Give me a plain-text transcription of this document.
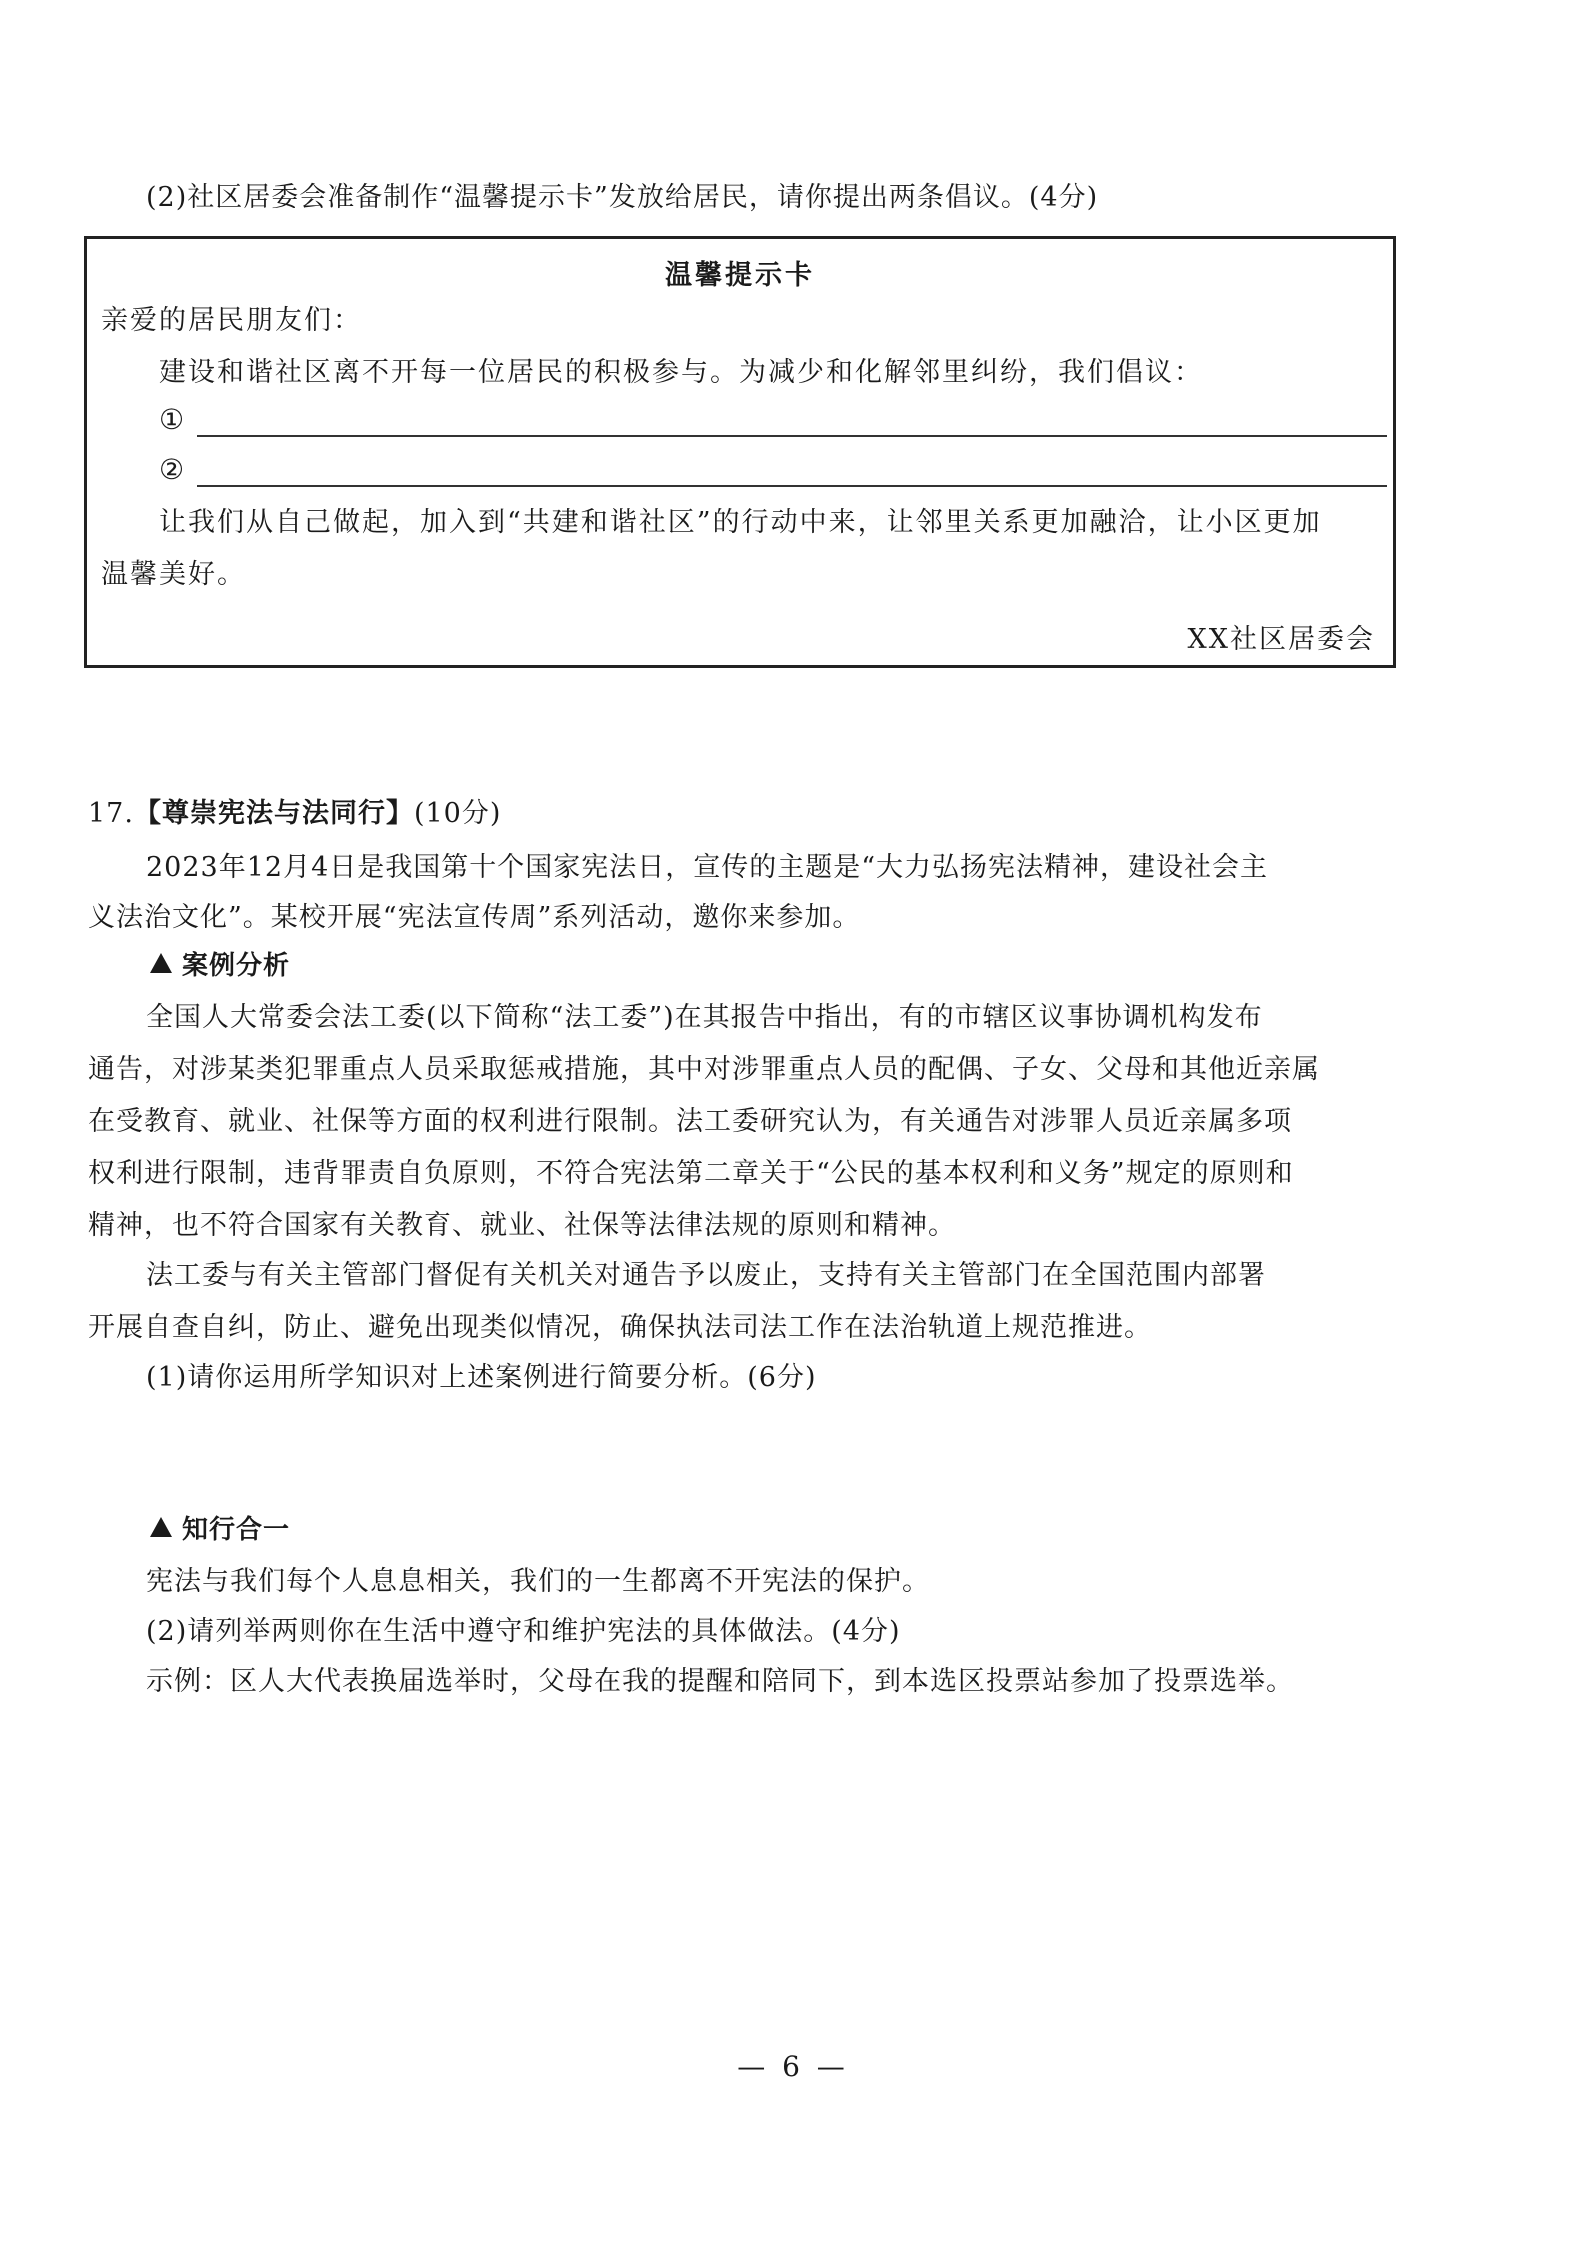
(2)社区居委会准备制作“温馨提示卡”发放给居民，请你提出两条倡议。(4分)
温馨提示卡
亲爱的居民朋友们：
建设和谐社区离不开每一位居民的积极参与。为减少和化解邻里纠纷，我们倡议：
①
②
让我们从自己做起，加入到“共建和谐社区”的行动中来，让邻里关系更加融洽，让小区更加
温馨美好。
XX社区居委会
17.【尊崇宪法与法同行】(10分)
2023年12月4日是我国第十个国家宪法日，宣传的主题是“大力弘扬宪法精神，建设社会主
义法治文化”。某校开展“宪法宣传周”系列活动，邀你来参加。
案例分析
全国人大常委会法工委(以下简称“法工委”)在其报告中指出，有的市辖区议事协调机构发布
通告，对涉某类犯罪重点人员采取惩戒措施，其中对涉罪重点人员的配偶、子女、父母和其他近亲属
在受教育、就业、社保等方面的权利进行限制。法工委研究认为，有关通告对涉罪人员近亲属多项
权利进行限制，违背罪责自负原则，不符合宪法第二章关于“公民的基本权利和义务”规定的原则和
精神，也不符合国家有关教育、就业、社保等法律法规的原则和精神。
法工委与有关主管部门督促有关机关对通告予以废止，支持有关主管部门在全国范围内部署
开展自查自纠，防止、避免出现类似情况，确保执法司法工作在法治轨道上规范推进。
(1)请你运用所学知识对上述案例进行简要分析。(6分)
知行合一
宪法与我们每个人息息相关，我们的一生都离不开宪法的保护。
(2)请列举两则你在生活中遵守和维护宪法的具体做法。(4分)
示例：区人大代表换届选举时，父母在我的提醒和陪同下，到本选区投票站参加了投票选举。
— 6 —
